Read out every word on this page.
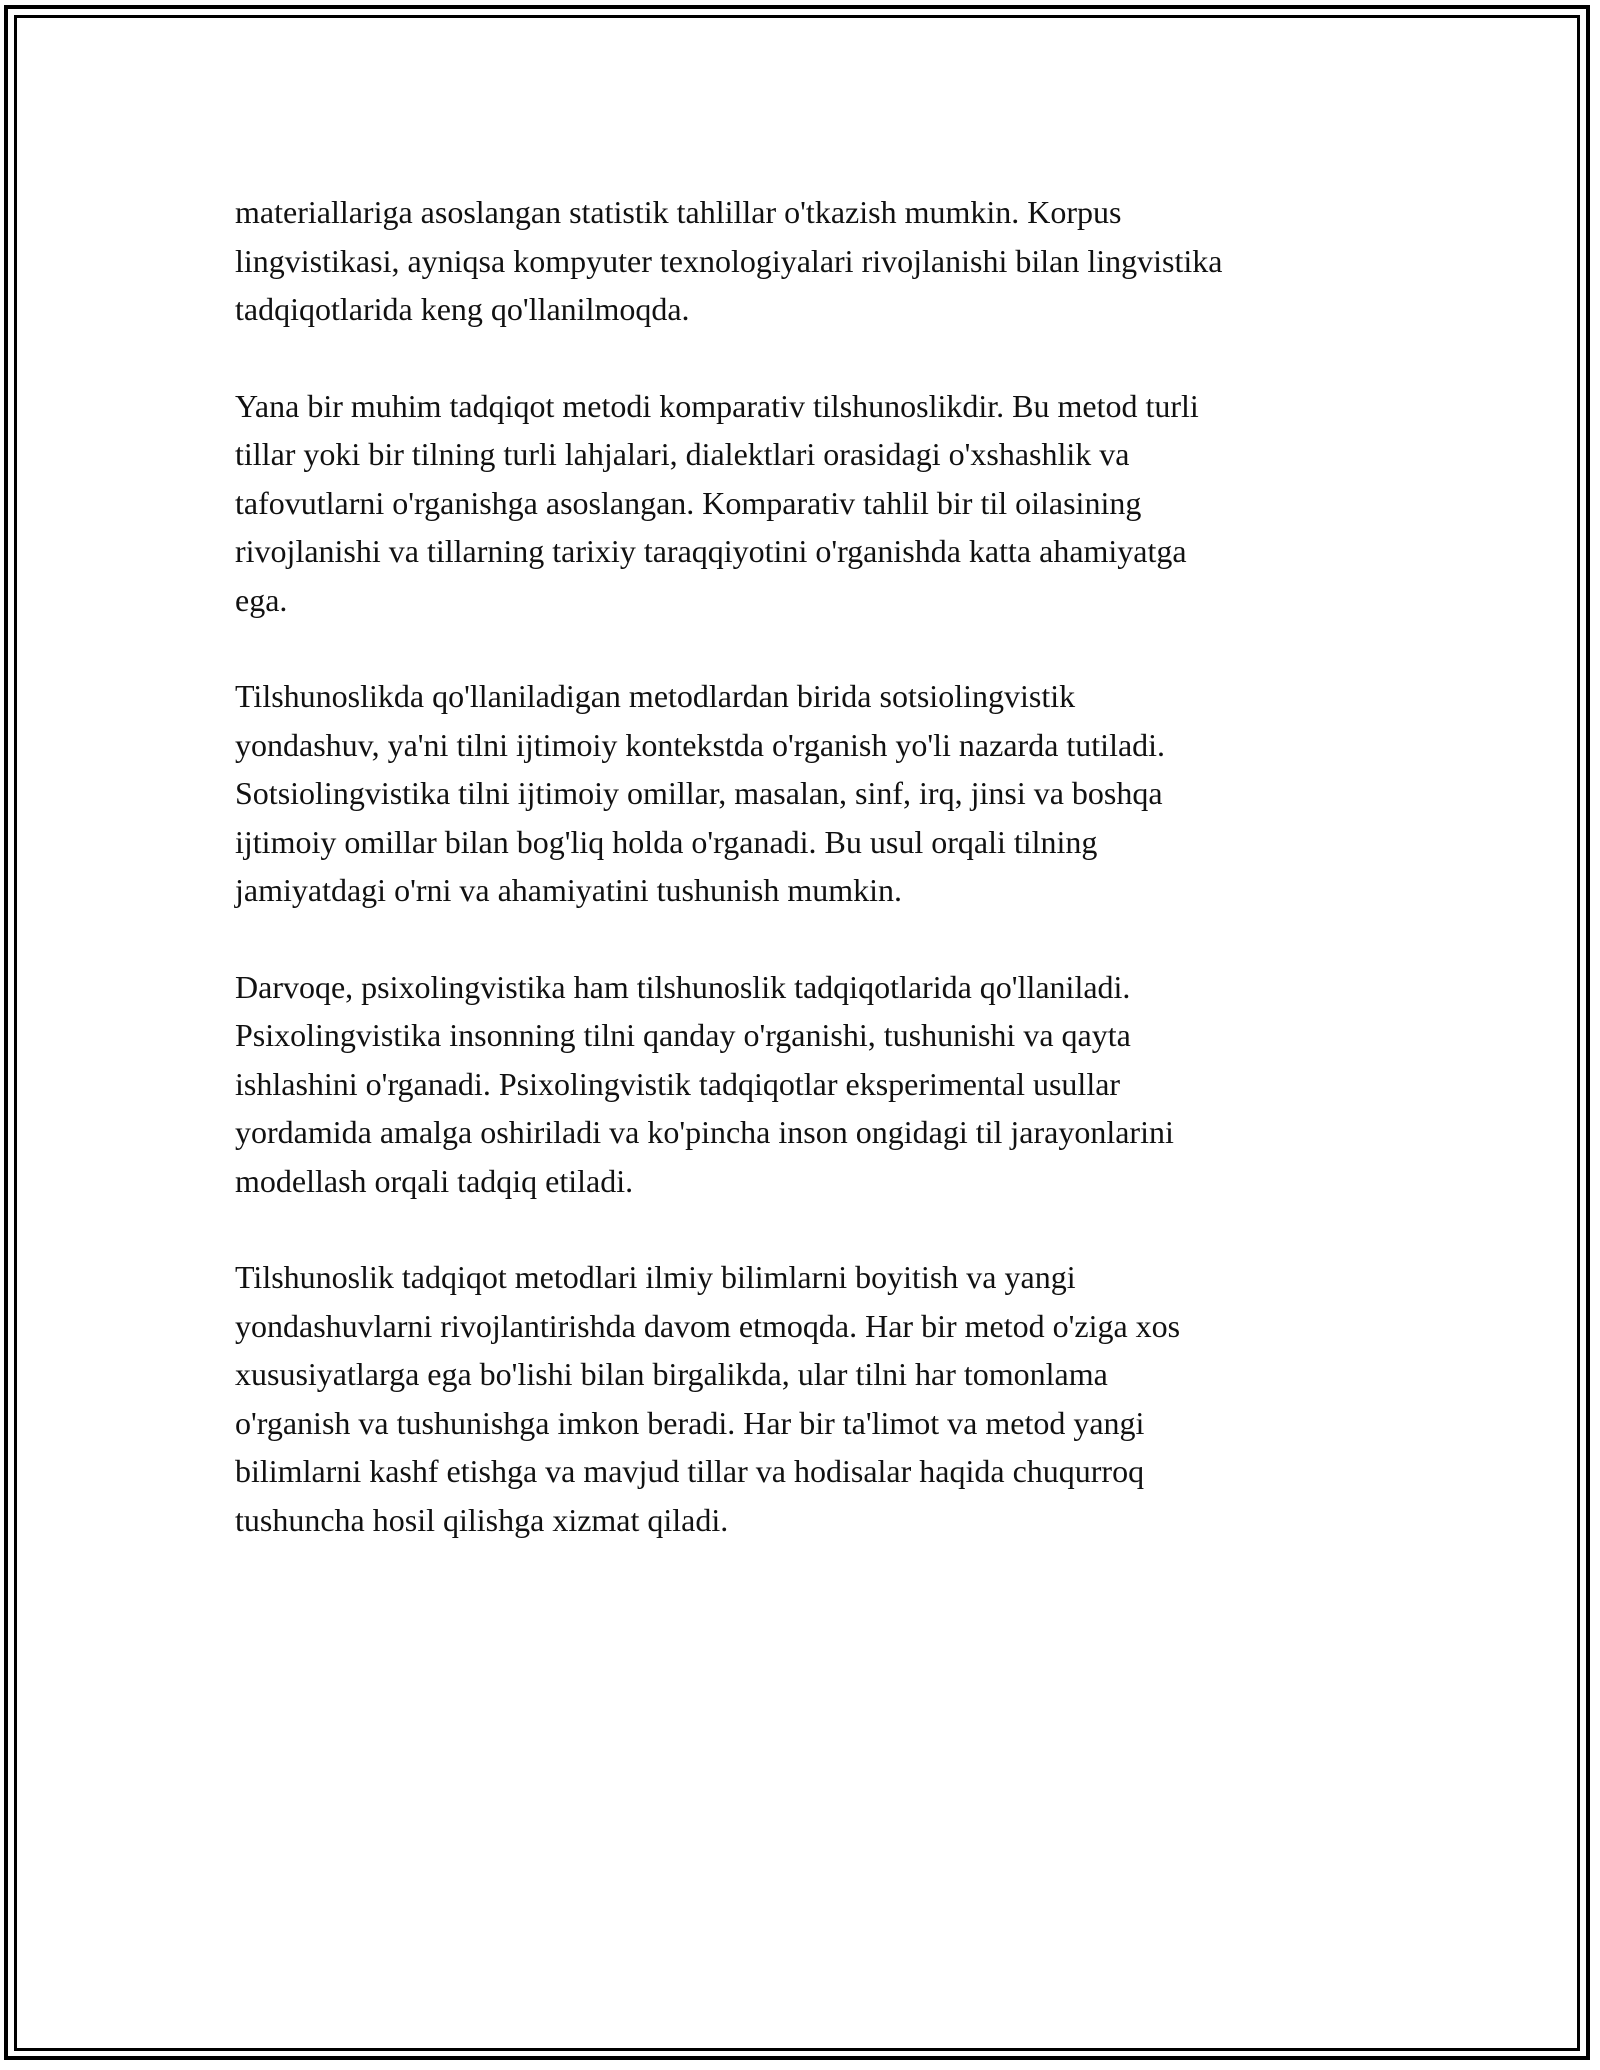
materiallariga asoslangan statistik tahlillar o'tkazish mumkin. Korpus
lingvistikasi, ayniqsa kompyuter texnologiyalari rivojlanishi bilan lingvistika
tadqiqotlarida keng qo'llanilmoqda.

Yana bir muhim tadqiqot metodi komparativ tilshunoslikdir. Bu metod turli
tillar yoki bir tilning turli lahjalari, dialektlari orasidagi o'xshashlik va
tafovutlarni o'rganishga asoslangan. Komparativ tahlil bir til oilasining
rivojlanishi va tillarning tarixiy taraqqiyotini o'rganishda katta ahamiyatga
ega.

Tilshunoslikda qo'llaniladigan metodlardan birida sotsiolingvistik
yondashuv, ya'ni tilni ijtimoiy kontekstda o'rganish yo'li nazarda tutiladi.
Sotsiolingvistika tilni ijtimoiy omillar, masalan, sinf, irq, jinsi va boshqa
ijtimoiy omillar bilan bog'liq holda o'rganadi. Bu usul orqali tilning
jamiyatdagi o'rni va ahamiyatini tushunish mumkin.

Darvoqe, psixolingvistika ham tilshunoslik tadqiqotlarida qo'llaniladi.
Psixolingvistika insonning tilni qanday o'rganishi, tushunishi va qayta
ishlashini o'rganadi. Psixolingvistik tadqiqotlar eksperimental usullar
yordamida amalga oshiriladi va ko'pincha inson ongidagi til jarayonlarini
modellash orqali tadqiq etiladi.

Tilshunoslik tadqiqot metodlari ilmiy bilimlarni boyitish va yangi
yondashuvlarni rivojlantirishda davom etmoqda. Har bir metod o'ziga xos
xususiyatlarga ega bo'lishi bilan birgalikda, ular tilni har tomonlama
o'rganish va tushunishga imkon beradi. Har bir ta'limot va metod yangi
bilimlarni kashf etishga va mavjud tillar va hodisalar haqida chuqurroq
tushuncha hosil qilishga xizmat qiladi.
